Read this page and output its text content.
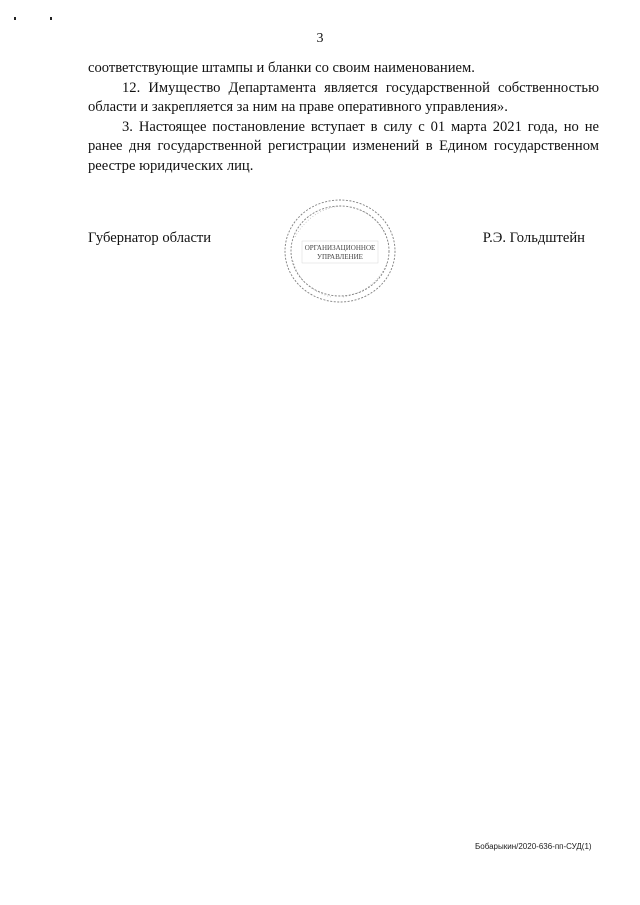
3

соответствующие штампы и бланки со своим наименованием.

12. Имущество Департамента является государственной собственностью области и закрепляется за ним на праве оперативного управления».

3. Настоящее постановление вступает в силу с 01 марта 2021 года, но не ранее дня государственной регистрации изменений в Едином государственном реестре юридических лиц.

ОРГАНИЗАЦИОННОЕ
УПРАВЛЕНИЕ
Губернатор области	Р.Э. Гольдштейн
Бобарыкин/2020-636-пп-СУД(1)
